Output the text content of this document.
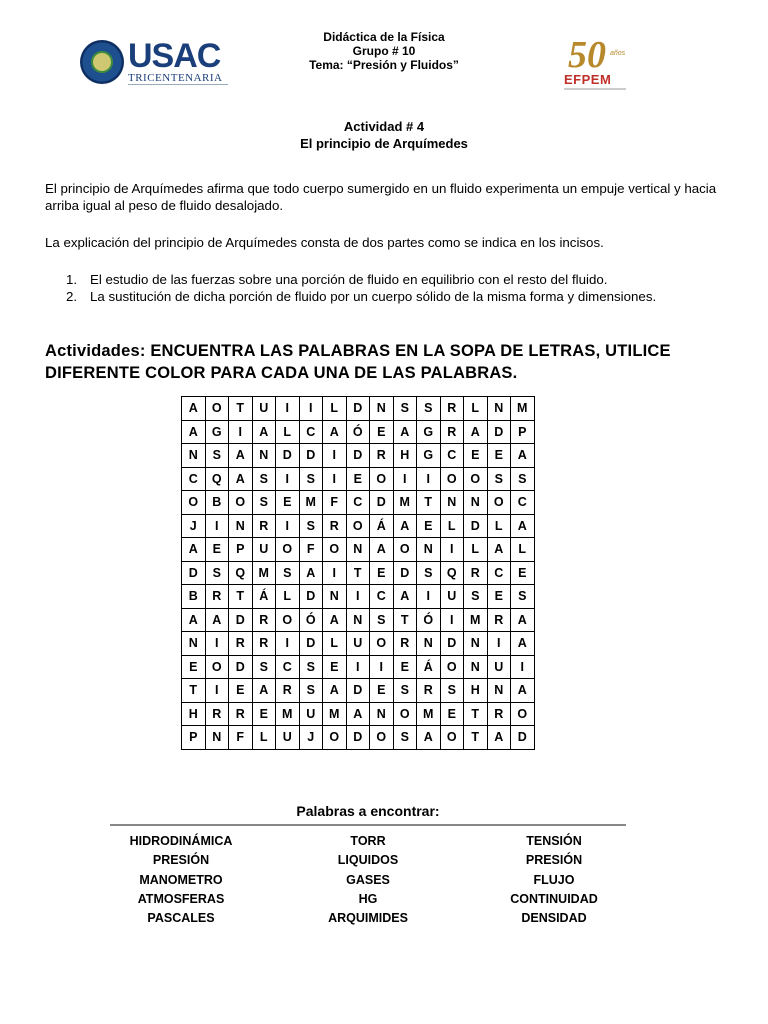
USAC
TRICENTENARIA
Didáctica de la Física
Grupo # 10
Tema: “Presión y Fluidos”	50 años
EFPEM
Actividad # 4
El principio de Arquímedes
El principio de Arquímedes afirma que todo cuerpo sumergido en un fluido experimenta un empuje vertical y hacia arriba igual al peso de fluido desalojado.
La explicación del principio de Arquímedes consta de dos partes como se indica en los incisos.
1. El estudio de las fuerzas sobre una porción de fluido en equilibrio con el resto del fluido.
2. La sustitución de dicha porción de fluido por un cuerpo sólido de la misma forma y dimensiones.
Actividades: ENCUENTRA LAS PALABRAS EN LA SOPA DE LETRAS, UTILICE DIFERENTE COLOR PARA CADA UNA DE LAS PALABRAS.
A	O	T	U	I	I	L	D	N	S	S	R	L	N	M
A	G	I	A	L	C	A	Ó	E	A	G	R	A	D	P
N	S	A	N	D	D	I	D	R	H	G	C	E	E	A
C	Q	A	S	I	S	I	E	O	I	I	O	O	S	S
O	B	O	S	E	M	F	C	D	M	T	N	N	O	C
J	I	N	R	I	S	R	O	Á	A	E	L	D	L	A
A	E	P	U	O	F	O	N	A	O	N	I	L	A	L
D	S	Q	M	S	A	I	T	E	D	S	Q	R	C	E
B	R	T	Á	L	D	N	I	C	A	I	U	S	E	S
A	A	D	R	O	Ó	A	N	S	T	Ó	I	M	R	A
N	I	R	R	I	D	L	U	O	R	N	D	N	I	A
E	O	D	S	C	S	E	I	I	E	Á	O	N	U	I
T	I	E	A	R	S	A	D	E	S	R	S	H	N	A
H	R	R	E	M	U	M	A	N	O	M	E	T	R	O
P	N	F	L	U	J	O	D	O	S	A	O	T	A	D
Palabras a encontrar:
HIDRODINÁMICA
PRESIÓN
MANOMETRO
ATMOSFERAS
PASCALES
TORR
LIQUIDOS
GASES
HG
ARQUIMIDES
TENSIÓN
PRESIÓN
FLUJO
CONTINUIDAD
DENSIDAD
